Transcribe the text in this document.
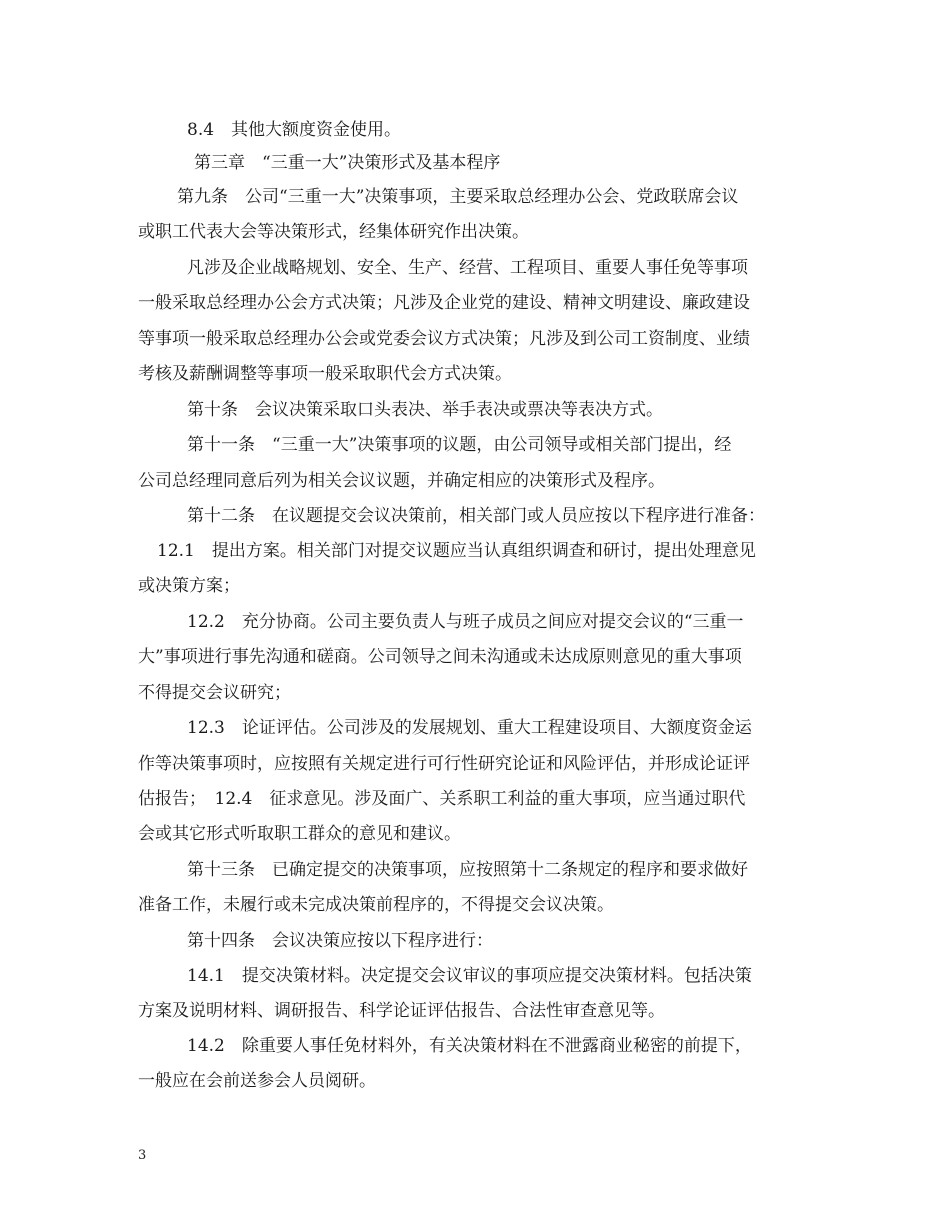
8.4　其他大额度资金使用。
第三章　“三重一大”决策形式及基本程序
第九条　公司“三重一大”决策事项，主要采取总经理办公会、党政联席会议
或职工代表大会等决策形式，经集体研究作出决策。
凡涉及企业战略规划、安全、生产、经营、工程项目、重要人事任免等事项
一般采取总经理办公会方式决策；凡涉及企业党的建设、精神文明建设、廉政建设
等事项一般采取总经理办公会或党委会议方式决策；凡涉及到公司工资制度、业绩
考核及薪酬调整等事项一般采取职代会方式决策。
第十条　会议决策采取口头表决、举手表决或票决等表决方式。
第十一条　“三重一大”决策事项的议题，由公司领导或相关部门提出，经
公司总经理同意后列为相关会议议题，并确定相应的决策形式及程序。
第十二条　在议题提交会议决策前，相关部门或人员应按以下程序进行准备：
12.1　提出方案。相关部门对提交议题应当认真组织调查和研讨，提出处理意见
或决策方案；
12.2　充分协商。公司主要负责人与班子成员之间应对提交会议的“三重一
大”事项进行事先沟通和磋商。公司领导之间未沟通或未达成原则意见的重大事项
不得提交会议研究；
12.3　论证评估。公司涉及的发展规划、重大工程建设项目、大额度资金运
作等决策事项时，应按照有关规定进行可行性研究论证和风险评估，并形成论证评
估报告；　12.4　征求意见。涉及面广、关系职工利益的重大事项，应当通过职代
会或其它形式听取职工群众的意见和建议。
第十三条　已确定提交的决策事项，应按照第十二条规定的程序和要求做好
准备工作，未履行或未完成决策前程序的，不得提交会议决策。
第十四条　会议决策应按以下程序进行：
14.1　提交决策材料。决定提交会议审议的事项应提交决策材料。包括决策
方案及说明材料、调研报告、科学论证评估报告、合法性审查意见等。
14.2　除重要人事任免材料外，有关决策材料在不泄露商业秘密的前提下，
一般应在会前送参会人员阅研。
3
